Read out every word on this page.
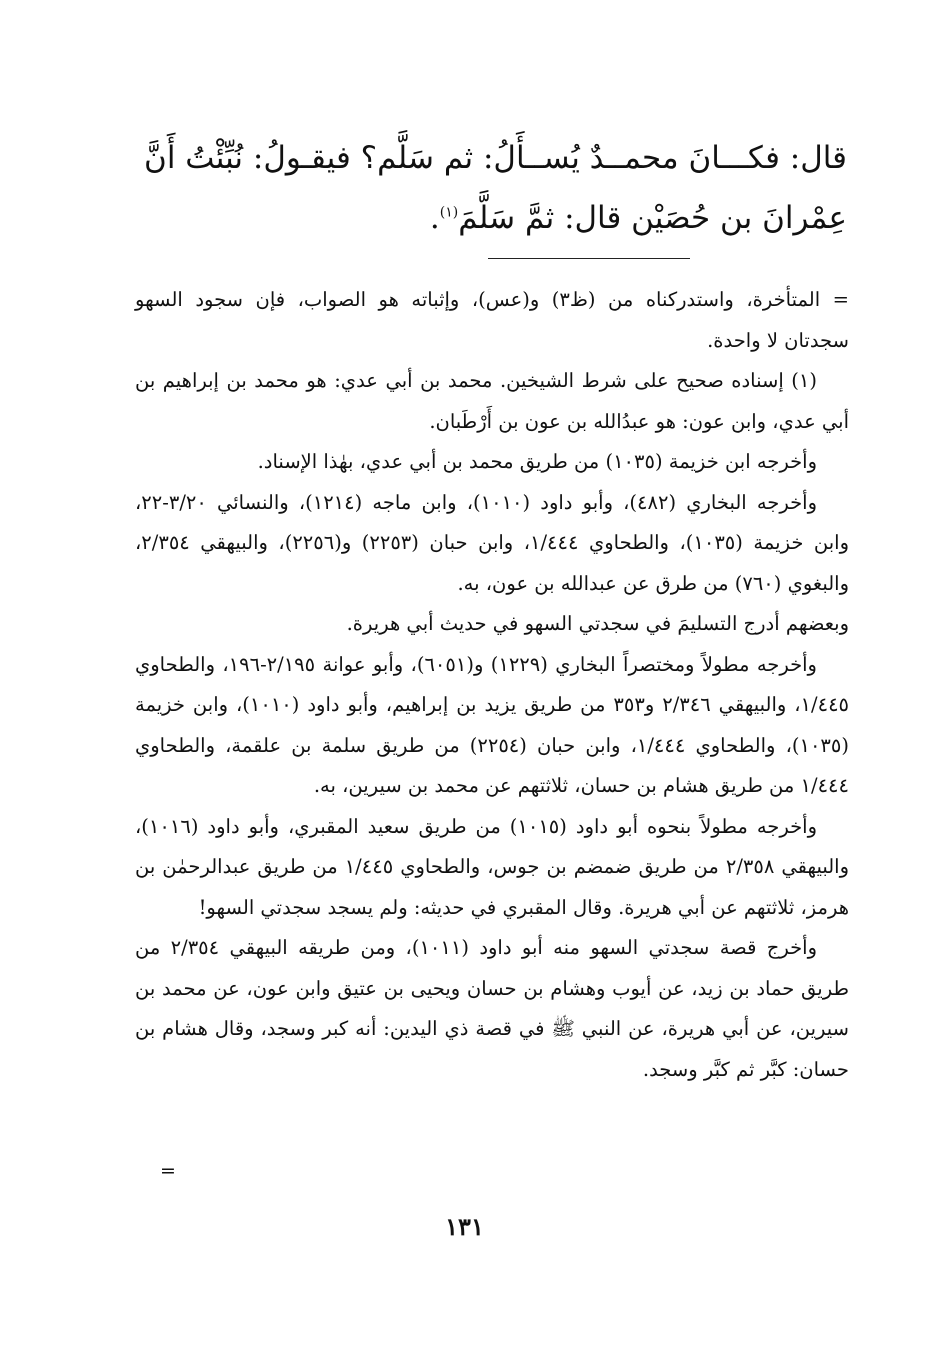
قال: فكـــانَ محمــدٌ يُســأَلُ: ثم سَلَّم؟ فيقـولُ: نُبِّئْتُ أَنَّ
عِمْرانَ بن حُصَيْن قال: ثمَّ سَلَّمَ$^{(١)}$.

= المتأخرة، واستدركناه من (ظ٣) و(عس)، وإثباته هو الصواب، فإن سجود السهو سجدتان لا واحدة.

(١) إسناده صحيح على شرط الشيخين. محمد بن أبي عدي: هو محمد بن إبراهيم بن أبي عدي، وابن عون: هو عبدُالله بن عون بن أَرْطَبان.

وأخرجه ابن خزيمة (١٠٣٥) من طريق محمد بن أبي عدي، بهٰذا الإسناد.

وأخرجه البخاري (٤٨٢)، وأبو داود (١٠١٠)، وابن ماجه (١٢١٤)، والنسائي ٣/٢٠-٢٢، وابن خزيمة (١٠٣٥)، والطحاوي ١/٤٤٤، وابن حبان (٢٢٥٣) و(٢٢٥٦)، والبيهقي ٢/٣٥٤، والبغوي (٧٦٠) من طرق عن عبدالله بن عون، به.

وبعضهم أدرج التسليمَ في سجدتي السهو في حديث أبي هريرة.

وأخرجه مطولاً ومختصراً البخاري (١٢٢٩) و(٦٠٥١)، وأبو عوانة ٢/١٩٥-١٩٦، والطحاوي ١/٤٤٥، والبيهقي ٢/٣٤٦ و٣٥٣ من طريق يزيد بن إبراهيم، وأبو داود (١٠١٠)، وابن خزيمة (١٠٣٥)، والطحاوي ١/٤٤٤، وابن حبان (٢٢٥٤) من طريق سلمة بن علقمة، والطحاوي ١/٤٤٤ من طريق هشام بن حسان، ثلاثتهم عن محمد بن سيرين، به.

وأخرجه مطولاً بنحوه أبو داود (١٠١٥) من طريق سعيد المقبري، وأبو داود (١٠١٦)، والبيهقي ٢/٣٥٨ من طريق ضمضم بن جوس، والطحاوي ١/٤٤٥ من طريق عبدالرحمٰن بن هرمز، ثلاثتهم عن أبي هريرة. وقال المقبري في حديثه: ولم يسجد سجدتي السهو!

وأخرج قصة سجدتي السهو منه أبو داود (١٠١١)، ومن طريقه البيهقي ٢/٣٥٤ من طريق حماد بن زيد، عن أيوب وهشام بن حسان ويحيى بن عتيق وابن عون، عن محمد بن سيرين، عن أبي هريرة، عن النبي ﷺ في قصة ذي اليدين: أنه كبر وسجد، وقال هشام بن حسان: كبَّر ثم كبَّر وسجد.

=
١٣١
